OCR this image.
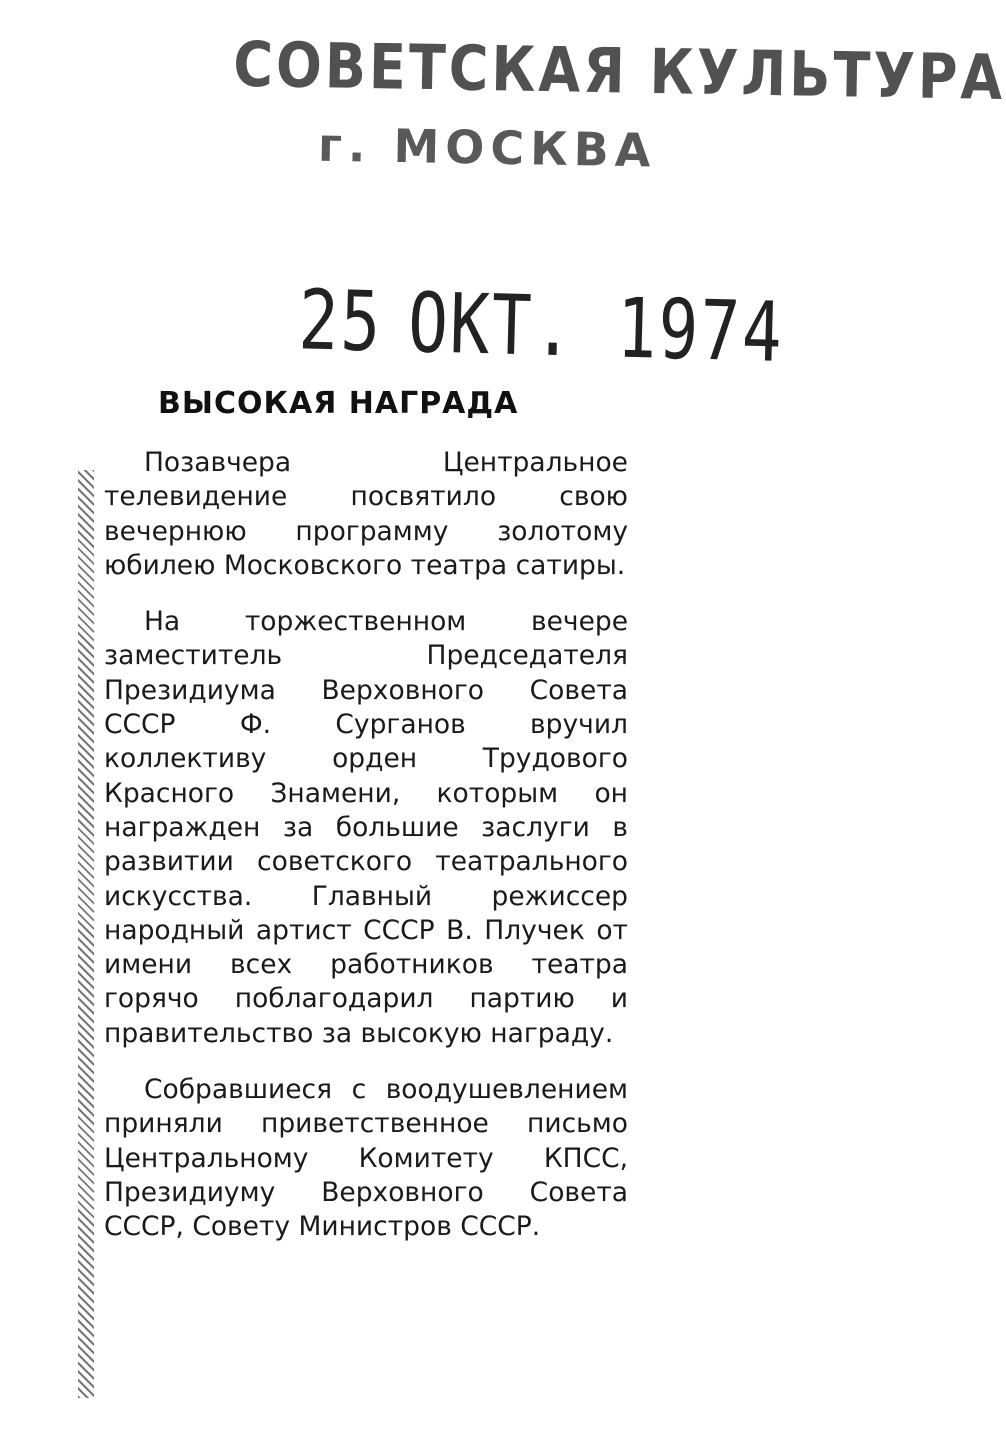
СОВЕТСКАЯ КУЛЬТУРА
г. МОСКВА
25 ОКТ. 1974
ВЫСОКАЯ НАГРАДА

Позавчера Центральное телевидение посвятило свою вечернюю программу золотому юбилею Московского театра сатиры.

На торжественном вечере заместитель Председателя Президиума Верховного Совета СССР Ф. Сурганов вручил коллективу орден Трудового Красного Знамени, которым он награжден за большие заслуги в развитии советского театрального искусства. Главный режиссер народный артист СССР В. Плучек от имени всех работников театра горячо поблагодарил партию и правительство за высокую награду.

Собравшиеся с воодушевлением приняли приветственное письмо Центральному Комитету КПСС, Президиуму Верховного Совета СССР, Совету Министров СССР.
